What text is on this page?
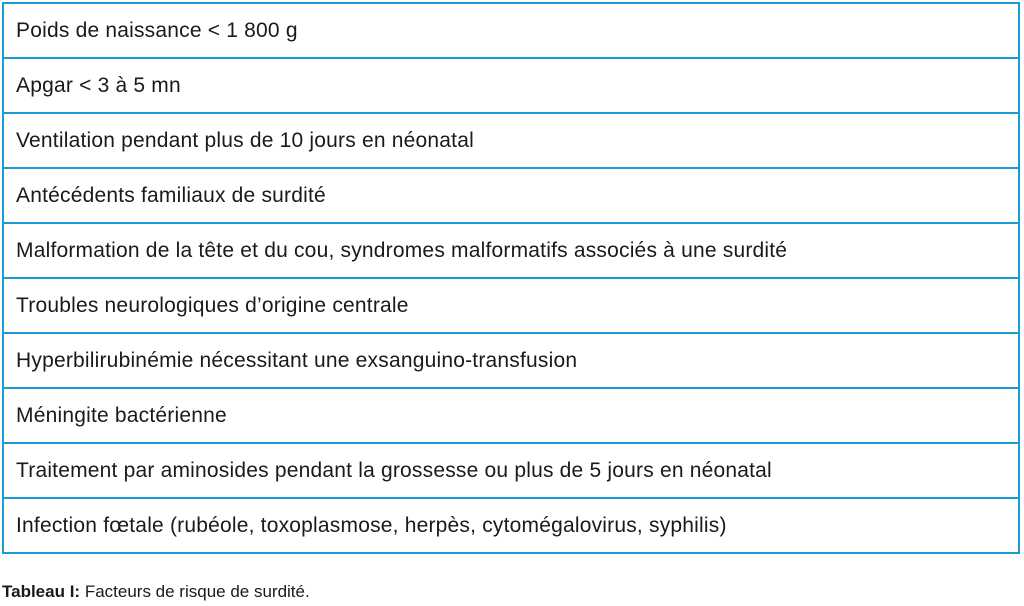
Poids de naissance < 1 800 g
Apgar < 3 à 5 mn
Ventilation pendant plus de 10 jours en néonatal
Antécédents familiaux de surdité
Malformation de la tête et du cou, syndromes malformatifs associés à une surdité
Troubles neurologiques d’origine centrale
Hyperbilirubinémie nécessitant une exsanguino-transfusion
Méningite bactérienne
Traitement par aminosides pendant la grossesse ou plus de 5 jours en néonatal
Infection fœtale (rubéole, toxoplasmose, herpès, cytomégalovirus, syphilis)
Tableau I: Facteurs de risque de surdité.
